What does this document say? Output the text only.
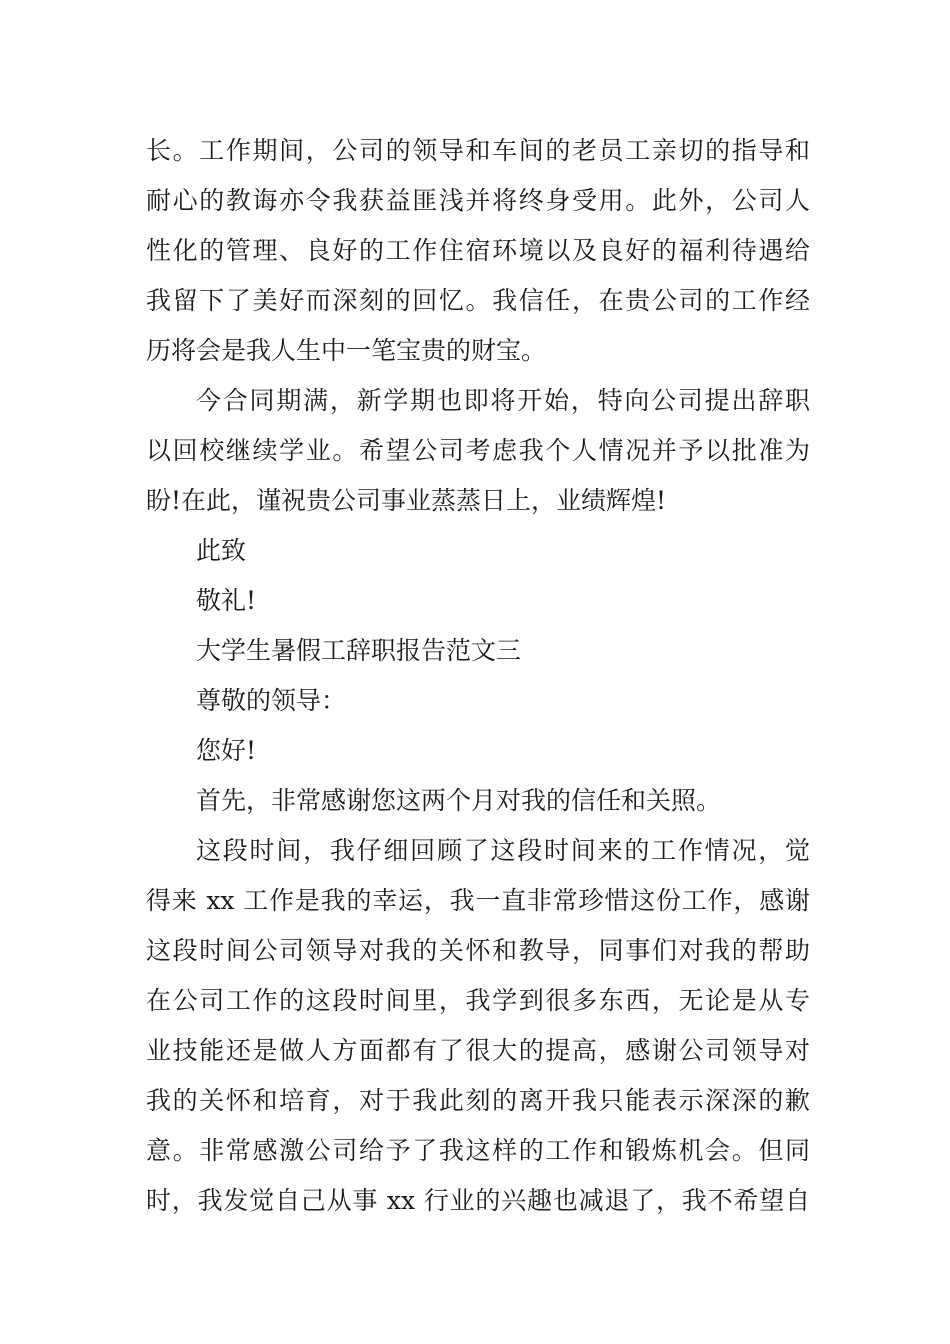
长。工作期间，公司的领导和车间的老员工亲切的指导和
耐心的教诲亦令我获益匪浅并将终身受用。此外，公司人
性化的管理、良好的工作住宿环境以及良好的福利待遇给
我留下了美好而深刻的回忆。我信任，在贵公司的工作经
历将会是我人生中一笔宝贵的财宝。
今合同期满，新学期也即将开始，特向公司提出辞职
以回校继续学业。希望公司考虑我个人情况并予以批准为
盼!在此，谨祝贵公司事业蒸蒸日上，业绩辉煌!
此致
敬礼!
大学生暑假工辞职报告范文三
尊敬的领导：
您好!
首先，非常感谢您这两个月对我的信任和关照。
这段时间，我仔细回顾了这段时间来的工作情况，觉
得来 xx 工作是我的幸运，我一直非常珍惜这份工作，感谢
这段时间公司领导对我的关怀和教导，同事们对我的帮助
在公司工作的这段时间里，我学到很多东西，无论是从专
业技能还是做人方面都有了很大的提高，感谢公司领导对
我的关怀和培育，对于我此刻的离开我只能表示深深的歉
意。非常感激公司给予了我这样的工作和锻炼机会。但同
时，我发觉自己从事 xx 行业的兴趣也减退了，我不希望自
